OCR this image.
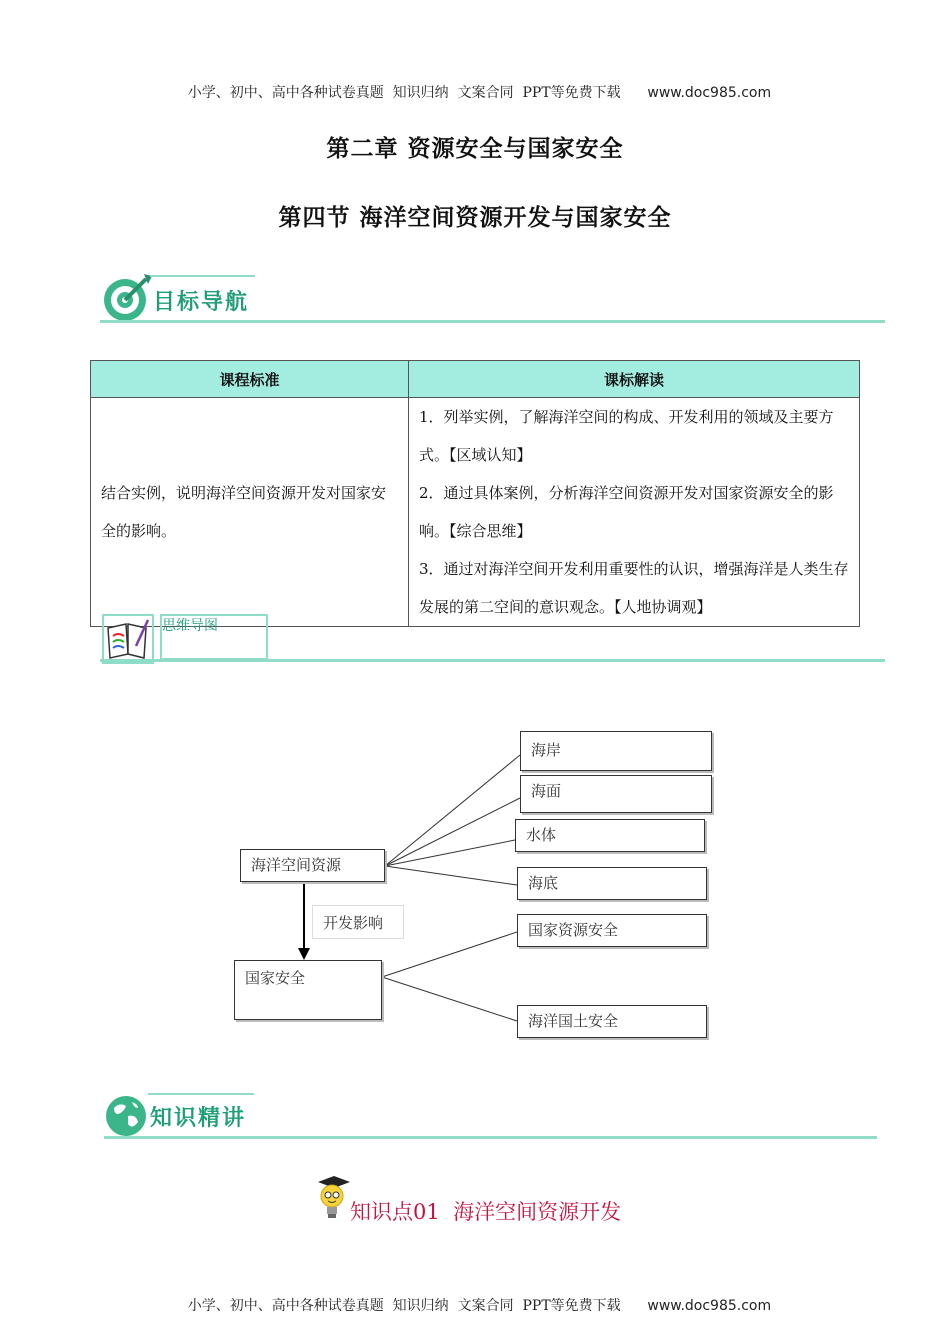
小学、初中、高中各种试卷真题  知识归纳  文案合同  PPT等免费下载 www.doc985.com

第二章 资源安全与国家安全
第四节 海洋空间资源开发与国家安全
目标导航
课程标准	课标解读
结合实例，说明海洋空间资源开发对国家安全的影响。	1．列举实例，了解海洋空间的构成、开发利用的领域及主要方式。【区域认知】
2．通过具体案例，分析海洋空间资源开发对国家资源安全的影响。【综合思维】
3．通过对海洋空间开发利用重要性的认识，增强海洋是人类生存发展的第二空间的意识观念。【人地协调观】
思维导图
海洋空间资源
海岸
海面
水体
海底
开发影响
国家安全
国家资源安全
海洋国土安全
知识精讲
知识点01  海洋空间资源开发

小学、初中、高中各种试卷真题  知识归纳  文案合同  PPT等免费下载 www.doc985.com
